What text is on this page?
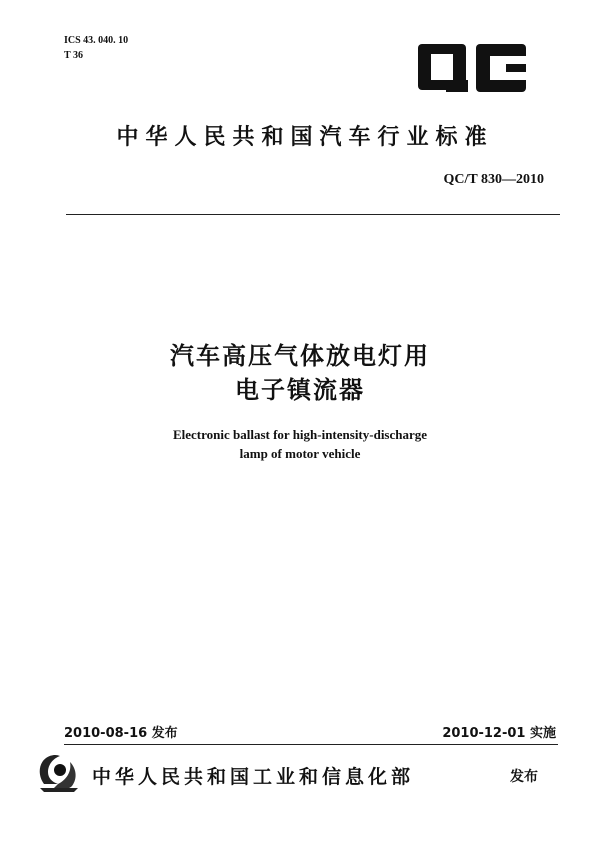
ICS 43. 040. 10
T 36
中华人民共和国汽车行业标准
QC/T 830—2010
汽车高压气体放电灯用
电子镇流器
Electronic ballast for high-intensity-discharge
lamp of motor vehicle
2010-08-16 发布	2010-12-01 实施
中华人民共和国工业和信息化部	发布
